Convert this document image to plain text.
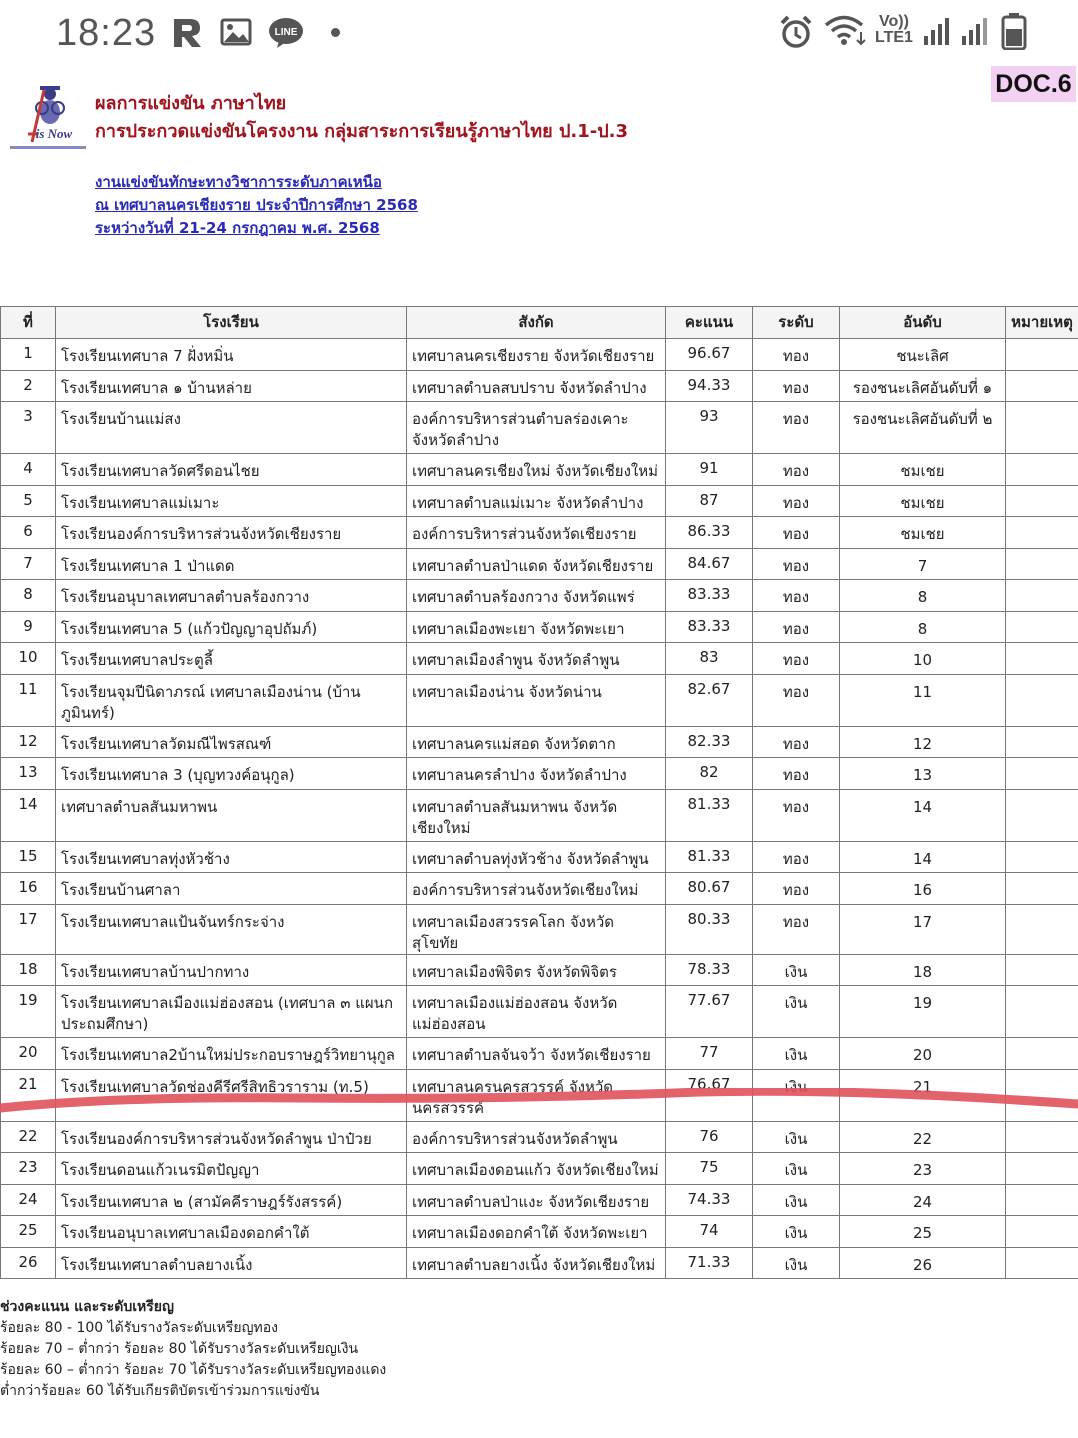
18:23	LINE
Vo))
LTE1
is Now
ผลการแข่งขัน ภาษาไทย
การประกวดแข่งขันโครงงาน กลุ่มสาระการเรียนรู้ภาษาไทย ป.1-ป.3
DOC.6
งานแข่งขันทักษะทางวิชาการระดับภาคเหนือ
ณ เทศบาลนครเชียงราย ประจำปีการศึกษา 2568
ระหว่างวันที่ 21-24 กรกฎาคม พ.ศ. 2568
ที่	โรงเรียน	สังกัด	คะแนน	ระดับ	อันดับ	หมายเหตุ
1	โรงเรียนเทศบาล 7 ฝั่งหมิ่น	เทศบาลนครเชียงราย จังหวัดเชียงราย	96.67	ทอง	ชนะเลิศ	
2	โรงเรียนเทศบาล ๑ บ้านหล่าย	เทศบาลตำบลสบปราบ จังหวัดลำปาง	94.33	ทอง	รองชนะเลิศอันดับที่ ๑	
3	โรงเรียนบ้านแม่สง	องค์การบริหารส่วนตำบลร่องเคาะ จังหวัดลำปาง	93	ทอง	รองชนะเลิศอันดับที่ ๒	
4	โรงเรียนเทศบาลวัดศรีดอนไชย	เทศบาลนครเชียงใหม่ จังหวัดเชียงใหม่	91	ทอง	ชมเชย	
5	โรงเรียนเทศบาลแม่เมาะ	เทศบาลตำบลแม่เมาะ จังหวัดลำปาง	87	ทอง	ชมเชย	
6	โรงเรียนองค์การบริหารส่วนจังหวัดเชียงราย	องค์การบริหารส่วนจังหวัดเชียงราย	86.33	ทอง	ชมเชย	
7	โรงเรียนเทศบาล 1 ป่าแดด	เทศบาลตำบลป่าแดด จังหวัดเชียงราย	84.67	ทอง	7	
8	โรงเรียนอนุบาลเทศบาลตำบลร้องกวาง	เทศบาลตำบลร้องกวาง จังหวัดแพร่	83.33	ทอง	8	
9	โรงเรียนเทศบาล 5 (แก้วปัญญาอุปถัมภ์)	เทศบาลเมืองพะเยา จังหวัดพะเยา	83.33	ทอง	8	
10	โรงเรียนเทศบาลประตูลี้	เทศบาลเมืองลำพูน จังหวัดลำพูน	83	ทอง	10	
11	โรงเรียนจุมปีนิดาภรณ์ เทศบาลเมืองน่าน (บ้านภูมินทร์)	เทศบาลเมืองน่าน จังหวัดน่าน	82.67	ทอง	11	
12	โรงเรียนเทศบาลวัดมณีไพรสณฑ์	เทศบาลนครแม่สอด จังหวัดตาก	82.33	ทอง	12	
13	โรงเรียนเทศบาล 3 (บุญทวงค์อนุกูล)	เทศบาลนครลำปาง จังหวัดลำปาง	82	ทอง	13	
14	เทศบาลตำบลสันมหาพน	เทศบาลตำบลสันมหาพน จังหวัดเชียงใหม่	81.33	ทอง	14	
15	โรงเรียนเทศบาลทุ่งหัวช้าง	เทศบาลตำบลทุ่งหัวช้าง จังหวัดลำพูน	81.33	ทอง	14	
16	โรงเรียนบ้านศาลา	องค์การบริหารส่วนจังหวัดเชียงใหม่	80.67	ทอง	16	
17	โรงเรียนเทศบาลแป้นจันทร์กระจ่าง	เทศบาลเมืองสวรรคโลก จังหวัดสุโขทัย	80.33	ทอง	17	
18	โรงเรียนเทศบาลบ้านปากทาง	เทศบาลเมืองพิจิตร จังหวัดพิจิตร	78.33	เงิน	18	
19	โรงเรียนเทศบาลเมืองแม่ฮ่องสอน (เทศบาล ๓ แผนกประถมศึกษา)	เทศบาลเมืองแม่ฮ่องสอน จังหวัดแม่ฮ่องสอน	77.67	เงิน	19	
20	โรงเรียนเทศบาล2บ้านใหม่ประกอบราษฎร์วิทยานุกูล	เทศบาลตำบลจันจว้า จังหวัดเชียงราย	77	เงิน	20	
21	โรงเรียนเทศบาลวัดช่องคีรีศรีสิทธิวราราม (ท.5)	เทศบาลนครนครสวรรค์ จังหวัดนครสวรรค์	76.67	เงิน	21	
22	โรงเรียนองค์การบริหารส่วนจังหวัดลำพูน ป่าป๋วย	องค์การบริหารส่วนจังหวัดลำพูน	76	เงิน	22	
23	โรงเรียนดอนแก้วเนรมิตปัญญา	เทศบาลเมืองดอนแก้ว จังหวัดเชียงใหม่	75	เงิน	23	
24	โรงเรียนเทศบาล ๒ (สามัคคีราษฎร์รังสรรค์)	เทศบาลตำบลป่าแงะ จังหวัดเชียงราย	74.33	เงิน	24	
25	โรงเรียนอนุบาลเทศบาลเมืองดอกคำใต้	เทศบาลเมืองดอกคำใต้ จังหวัดพะเยา	74	เงิน	25	
26	โรงเรียนเทศบาลตำบลยางเนิ้ง	เทศบาลตำบลยางเนิ้ง จังหวัดเชียงใหม่	71.33	เงิน	26	
ช่วงคะแนน และระดับเหรียญ
ร้อยละ 80 - 100 ได้รับรางวัลระดับเหรียญทอง
ร้อยละ 70 – ต่ำกว่า ร้อยละ 80 ได้รับรางวัลระดับเหรียญเงิน
ร้อยละ 60 – ต่ำกว่า ร้อยละ 70 ได้รับรางวัลระดับเหรียญทองแดง
ต่ำกว่าร้อยละ 60 ได้รับเกียรติบัตรเข้าร่วมการแข่งขัน
